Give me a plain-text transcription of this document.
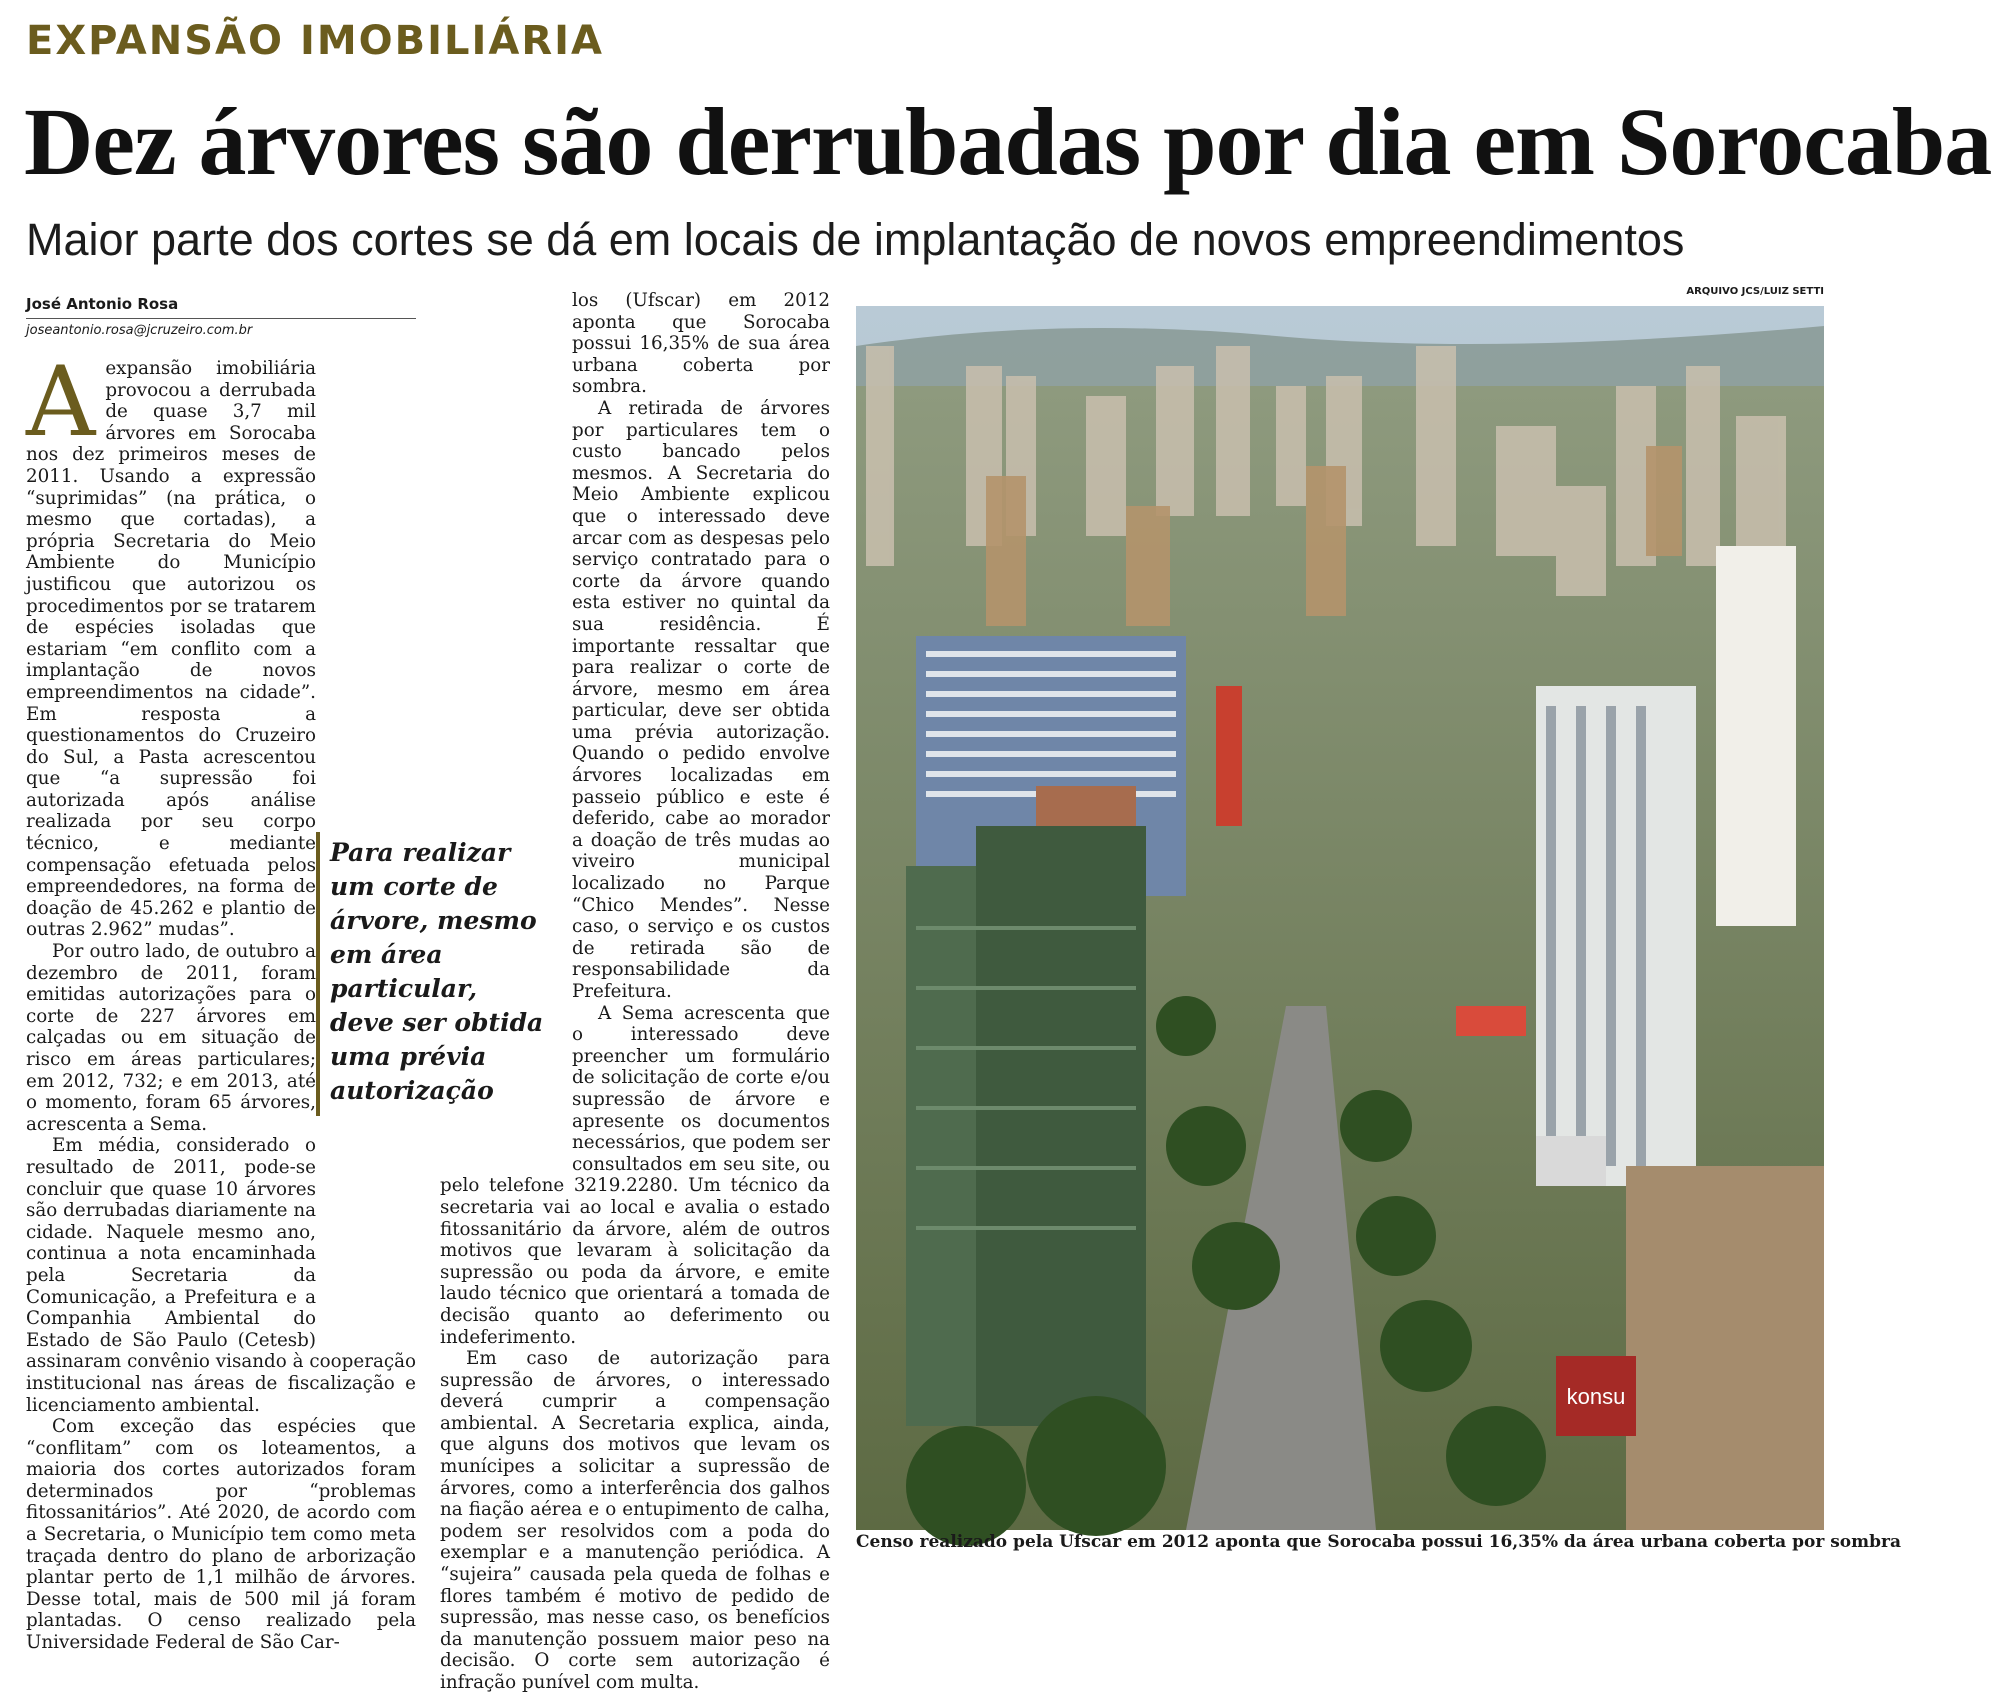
EXPANSÃO IMOBILIÁRIA
Dez árvores são derrubadas por dia em Sorocaba
Maior parte dos cortes se dá em locais de implantação de novos empreendimentos
José Antonio Rosa
joseantonio.rosa@jcruzeiro.com.br

Aexpansão imobiliária provocou a derrubada de quase 3,7 mil árvores em Sorocaba nos dez primeiros meses de 2011. Usando a expressão “suprimidas” (na prática, o mesmo que cortadas), a própria Secretaria do Meio Ambiente do Município justificou que autorizou os procedimentos por se tratarem de espécies isoladas que estariam “em conflito com a implantação de novos empreendimentos na cidade”. Em resposta a questionamentos do Cruzeiro do Sul, a Pasta acrescentou que “a supressão foi autorizada após análise realizada por seu corpo técnico, e mediante compensação efetuada pelos empreendedores, na forma de doação de 45.262 e plantio de outras 2.962” mudas”.

Por outro lado, de outubro a dezembro de 2011, foram emitidas autorizações para o corte de 227 árvores em calçadas ou em situação de risco em áreas particulares; em 2012, 732; e em 2013, até o momento, foram 65 árvores, acrescenta a Sema.

Em média, considerado o resultado de 2011, pode-se concluir que quase 10 árvores são derrubadas diariamente na cidade. Naquele mesmo ano, continua a nota encaminhada pela Secretaria da Comunicação, a Prefeitura e a Companhia Ambiental do Estado de São Paulo (Cetesb) assinaram convênio visando à cooperação institucional nas áreas de fiscalização e licenciamento ambiental.

Com exceção das espécies que “conflitam” com os loteamentos, a maioria dos cortes autorizados foram determinados por “problemas fitossanitários”. Até 2020, de acordo com a Secretaria, o Município tem como meta traçada dentro do plano de arborização plantar perto de 1,1 milhão de árvores. Desse total, mais de 500 mil já foram plantadas. O censo realizado pela Universidade Federal de São Car-

los (Ufscar) em 2012 aponta que Sorocaba possui 16,35% de sua área urbana coberta por sombra.

A retirada de árvores por particulares tem o custo bancado pelos mesmos. A Secretaria do Meio Ambiente explicou que o interessado deve arcar com as despesas pelo serviço contratado para o corte da árvore quando esta estiver no quintal da sua residência. É importante ressaltar que para realizar o corte de árvore, mesmo em área particular, deve ser obtida uma prévia autorização. Quando o pedido envolve árvores localizadas em passeio público e este é deferido, cabe ao morador a doação de três mudas ao viveiro municipal localizado no Parque “Chico Mendes”. Nesse caso, o serviço e os custos de retirada são de responsabilidade da Prefeitura.

A Sema acrescenta que o interessado deve preencher um formulário de solicitação de corte e/ou supressão de árvore e apresente os documentos necessários, que podem ser consultados em seu site, ou pelo telefone 3219.2280. Um técnico da secretaria vai ao local e avalia o estado fitossanitário da árvore, além de outros motivos que levaram à solicitação da supressão ou poda da árvore, e emite laudo técnico que orientará a tomada de decisão quanto ao deferimento ou indeferimento.

Em caso de autorização para supressão de árvores, o interessado deverá cumprir a compensação ambiental. A Secretaria explica, ainda, que alguns dos motivos que levam os munícipes a solicitar a supressão de árvores, como a interferência dos galhos na fiação aérea e o entupimento de calha, podem ser resolvidos com a poda do exemplar e a manutenção periódica. A “sujeira” causada pela queda de folhas e flores também é motivo de pedido de supressão, mas nesse caso, os benefícios da manutenção possuem maior peso na decisão. O corte sem autorização é infração punível com multa.

Para realizar um corte de árvore, mesmo em área particular, deve ser obtida uma prévia autorização
ARQUIVO JCS/LUIZ SETTI
konsu
Censo realizado pela Ufscar em 2012 aponta que Sorocaba possui 16,35% da área urbana coberta por sombra
